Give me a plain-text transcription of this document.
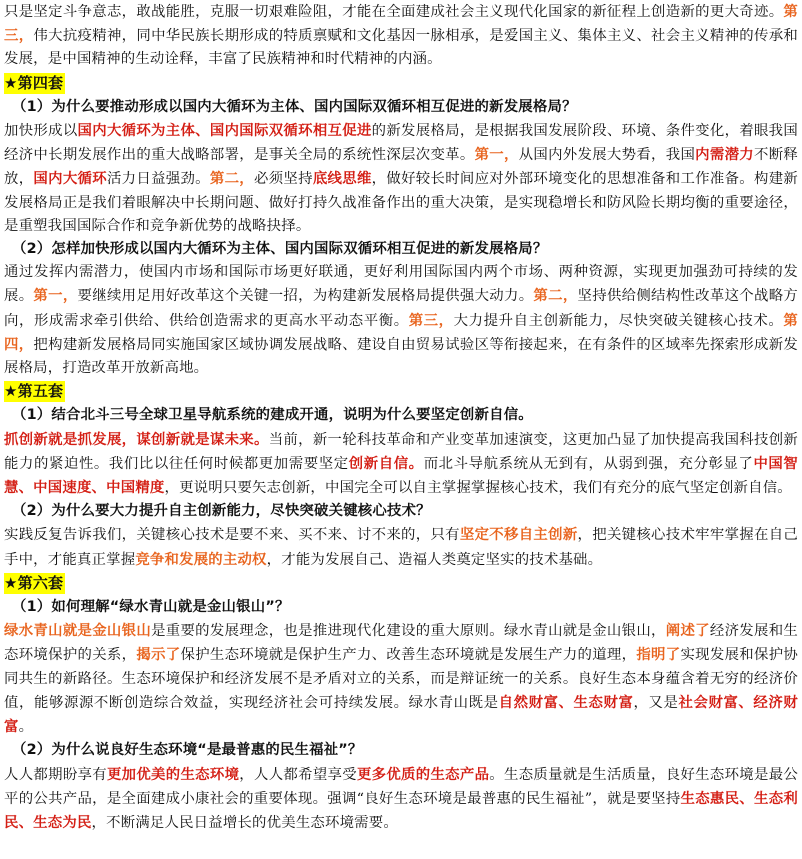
只是坚定斗争意志，敢战能胜，克服一切艰难险阻，才能在全面建成社会主义现代化国家的新征程上创造新的更大奇迹。第三，伟大抗疫精神，同中华民族长期形成的特质禀赋和文化基因一脉相承，是爱国主义、集体主义、社会主义精神的传承和发展，是中国精神的生动诠释，丰富了民族精神和时代精神的内涵。

★第四套

（1）为什么要推动形成以国内大循环为主体、国内国际双循环相互促进的新发展格局？

加快形成以国内大循环为主体、国内国际双循环相互促进的新发展格局，是根据我国发展阶段、环境、条件变化，着眼我国经济中长期发展作出的重大战略部署，是事关全局的系统性深层次变革。第一，从国内外发展大势看，我国内需潜力不断释放，国内大循环活力日益强劲。第二，必须坚持底线思维，做好较长时间应对外部环境变化的思想准备和工作准备。构建新发展格局正是我们着眼解决中长期问题、做好打持久战准备作出的重大决策，是实现稳增长和防风险长期均衡的重要途径，是重塑我国国际合作和竞争新优势的战略抉择。

（2）怎样加快形成以国内大循环为主体、国内国际双循环相互促进的新发展格局？

通过发挥内需潜力，使国内市场和国际市场更好联通，更好利用国际国内两个市场、两种资源，实现更加强劲可持续的发展。第一，要继续用足用好改革这个关键一招，为构建新发展格局提供强大动力。第二，坚持供给侧结构性改革这个战略方向，形成需求牵引供给、供给创造需求的更高水平动态平衡。第三，大力提升自主创新能力，尽快突破关键核心技术。第四，把构建新发展格局同实施国家区域协调发展战略、建设自由贸易试验区等衔接起来，在有条件的区域率先探索形成新发展格局，打造改革开放新高地。

★第五套

（1）结合北斗三号全球卫星导航系统的建成开通，说明为什么要坚定创新自信。

抓创新就是抓发展，谋创新就是谋未来。当前，新一轮科技革命和产业变革加速演变，这更加凸显了加快提高我国科技创新能力的紧迫性。我们比以往任何时候都更加需要坚定创新自信。而北斗导航系统从无到有，从弱到强，充分彰显了中国智慧、中国速度、中国精度，更说明只要矢志创新，中国完全可以自主掌握掌握核心技术，我们有充分的底气坚定创新自信。

（2）为什么要大力提升自主创新能力，尽快突破关键核心技术？

实践反复告诉我们，关键核心技术是要不来、买不来、讨不来的，只有坚定不移自主创新，把关键核心技术牢牢掌握在自己手中，才能真正掌握竞争和发展的主动权，才能为发展自己、造福人类奠定坚实的技术基础。

★第六套

（1）如何理解“绿水青山就是金山银山”？

绿水青山就是金山银山是重要的发展理念，也是推进现代化建设的重大原则。绿水青山就是金山银山，阐述了经济发展和生态环境保护的关系，揭示了保护生态环境就是保护生产力、改善生态环境就是发展生产力的道理，指明了实现发展和保护协同共生的新路径。生态环境保护和经济发展不是矛盾对立的关系，而是辩证统一的关系。良好生态本身蕴含着无穷的经济价值，能够源源不断创造综合效益，实现经济社会可持续发展。绿水青山既是自然财富、生态财富，又是社会财富、经济财富。

（2）为什么说良好生态环境“是最普惠的民生福祉”？

人人都期盼享有更加优美的生态环境，人人都希望享受更多优质的生态产品。生态质量就是生活质量，良好生态环境是最公平的公共产品，是全面建成小康社会的重要体现。强调“良好生态环境是最普惠的民生福祉”，就是要坚持生态惠民、生态利民、生态为民，不断满足人民日益增长的优美生态环境需要。
